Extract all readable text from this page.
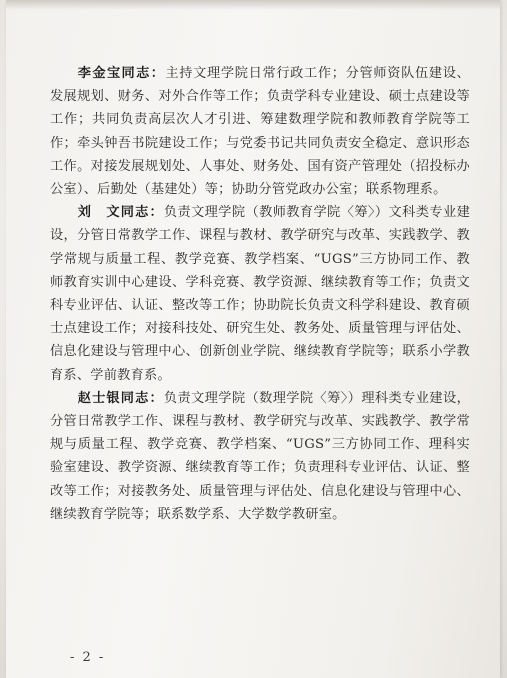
李金宝同志：主持文理学院日常行政工作；分管师资队伍建设、发展规划、财务、对外合作等工作；负责学科专业建设、硕士点建设等工作；共同负责高层次人才引进、筹建数理学院和教师教育学院等工作；牵头钟吾书院建设工作；与党委书记共同负责安全稳定、意识形态工作。对接发展规划处、人事处、财务处、国有资产管理处（招投标办公室）、后勤处（基建处）等；协助分管党政办公室；联系物理系。

刘　文同志：负责文理学院（教师教育学院〈筹〉）文科类专业建设，分管日常教学工作、课程与教材、教学研究与改革、实践教学、教学常规与质量工程、教学竞赛、教学档案、“UGS”三方协同工作、教师教育实训中心建设、学科竞赛、教学资源、继续教育等工作；负责文科专业评估、认证、整改等工作；协助院长负责文科学科建设、教育硕士点建设工作；对接科技处、研究生处、教务处、质量管理与评估处、信息化建设与管理中心、创新创业学院、继续教育学院等；联系小学教育系、学前教育系。

赵士银同志：负责文理学院（数理学院〈筹〉）理科类专业建设，分管日常教学工作、课程与教材、教学研究与改革、实践教学、教学常规与质量工程、教学竞赛、教学档案、“UGS”三方协同工作、理科实验室建设、教学资源、继续教育等工作；负责理科专业评估、认证、整改等工作；对接教务处、质量管理与评估处、信息化建设与管理中心、继续教育学院等；联系数学系、大学数学教研室。

- 2 -
